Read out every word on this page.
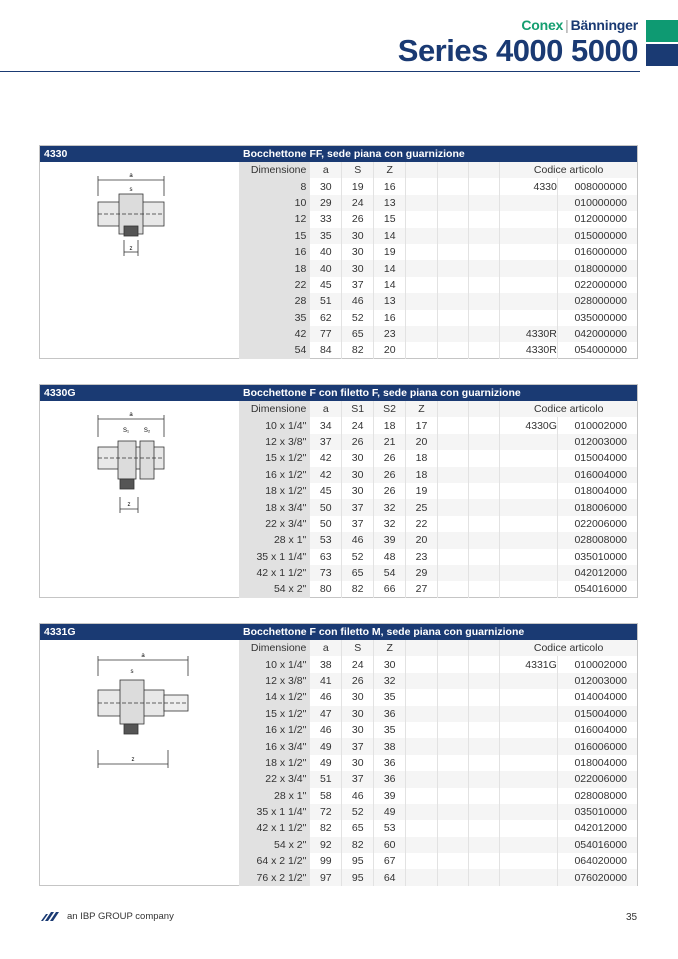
Conex | Bänninger
Series 4000 5000
4330	Bocchettone FF, sede piana con guarnizione
a
s
z
Dimensione	a	S	Z				Codice articolo	
8	30	19	16				4330	008000000
10	29	24	13					010000000
12	33	26	15					012000000
15	35	30	14					015000000
16	40	30	19					016000000
18	40	30	14					018000000
22	45	37	14					022000000
28	51	46	13					028000000
35	62	52	16					035000000
42	77	65	23				4330R	042000000
54	84	82	20				4330R	054000000
4330G	Bocchettone F con filetto F, sede piana con guarnizione
a
S₁ S₂
z
Dimensione	a	S1	S2	Z			Codice articolo	
10 x 1/4"	34	24	18	17			4330G	010002000
12 x 3/8"	37	26	21	20				012003000
15 x 1/2"	42	30	26	18				015004000
16 x 1/2"	42	30	26	18				016004000
18 x 1/2"	45	30	26	19				018004000
18 x 3/4"	50	37	32	25				018006000
22 x 3/4"	50	37	32	22				022006000
28 x 1"	53	46	39	20				028008000
35 x 1 1/4"	63	52	48	23				035010000
42 x 1 1/2"	73	65	54	29				042012000
54 x 2"	80	82	66	27				054016000
4331G	Bocchettone F con filetto M, sede piana con guarnizione
a
s
z
Dimensione	a	S	Z				Codice articolo	
10 x 1/4"	38	24	30				4331G	010002000
12 x 3/8"	41	26	32					012003000
14 x 1/2"	46	30	35					014004000
15 x 1/2"	47	30	36					015004000
16 x 1/2"	46	30	35					016004000
16 x 3/4"	49	37	38					016006000
18 x 1/2"	49	30	36					018004000
22 x 3/4"	51	37	36					022006000
28 x 1"	58	46	39					028008000
35 x 1 1/4"	72	52	49					035010000
42 x 1 1/2"	82	65	53					042012000
54 x 2"	92	82	60					054016000
64 x 2 1/2"	99	95	67					064020000
76 x 2 1/2"	97	95	64					076020000
an IBP GROUP company	35
